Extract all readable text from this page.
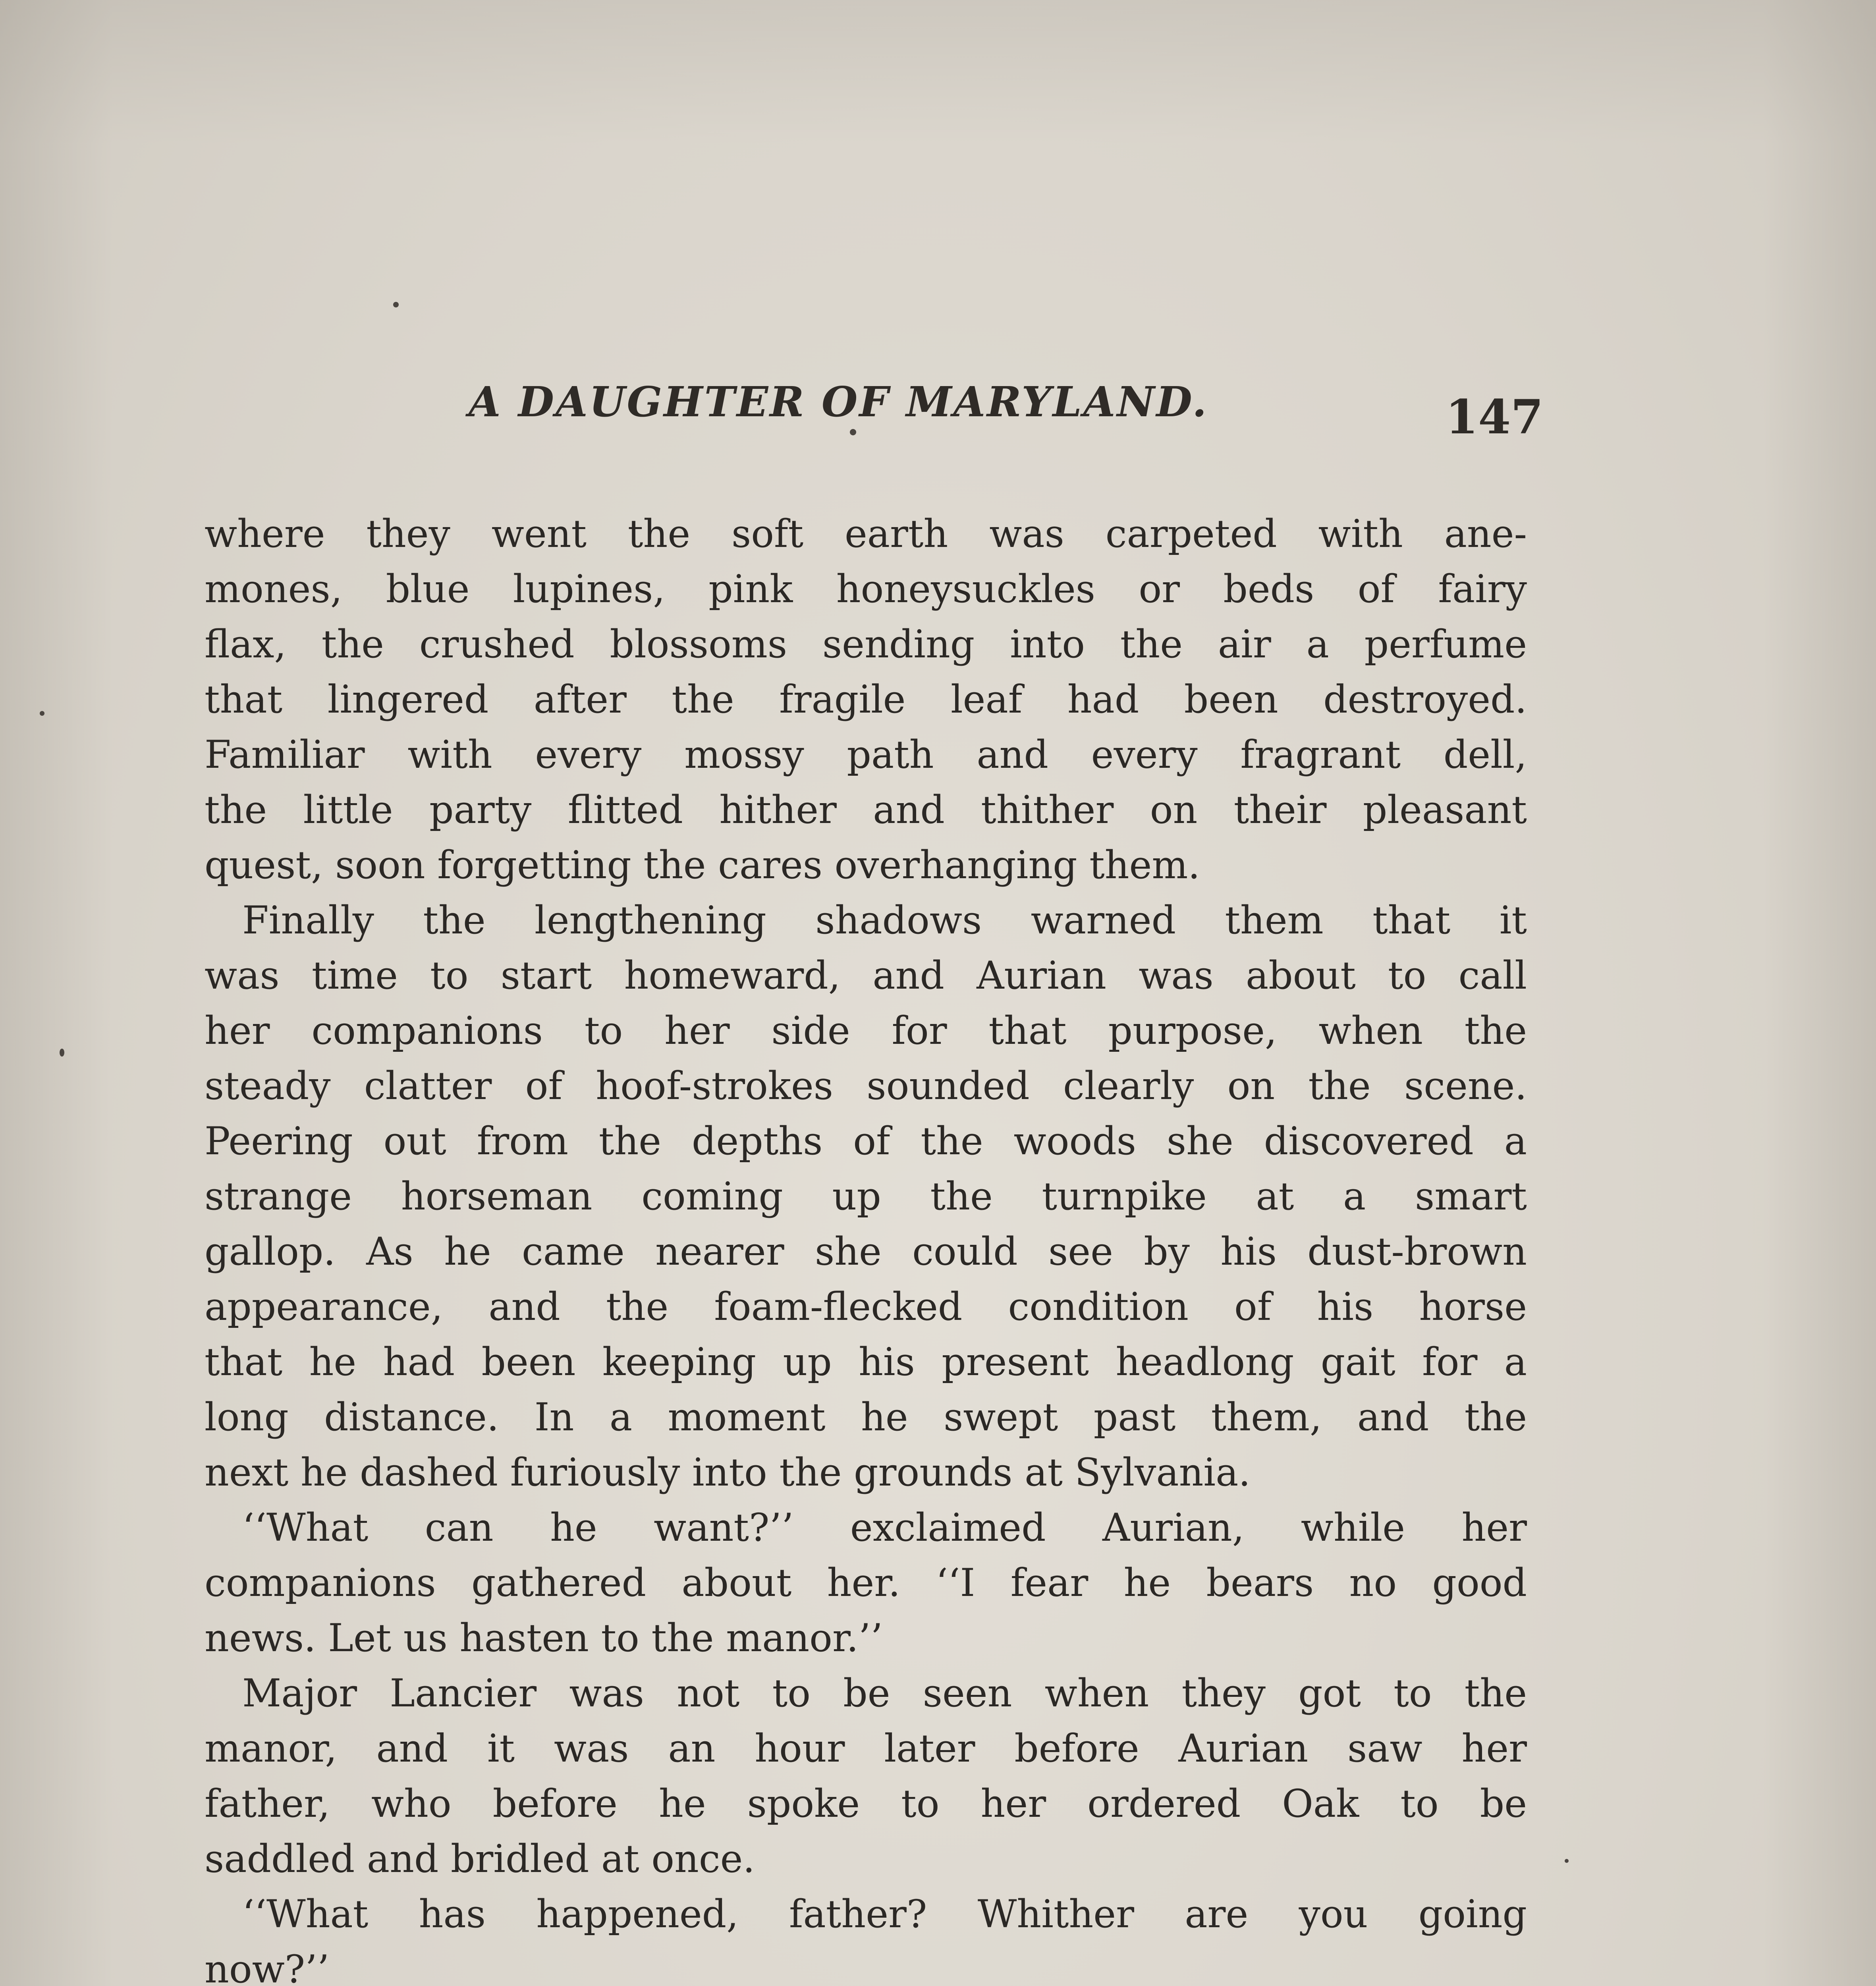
A DAUGHTER OF MARYLAND.	147
where they went the soft earth was carpeted with ane-
mones, blue lupines, pink honeysuckles or beds of fairy
flax, the crushed blossoms sending into the air a perfume
that lingered after the fragile leaf had been destroyed.
Familiar with every mossy path and every fragrant dell,
the little party flitted hither and thither on their pleasant
quest, soon forgetting the cares overhanging them.
Finally the lengthening shadows warned them that it
was time to start homeward, and Aurian was about to call
her companions to her side for that purpose, when the
steady clatter of hoof-strokes sounded clearly on the scene.
Peering out from the depths of the woods she discovered a
strange horseman coming up the turnpike at a smart
gallop. As he came nearer she could see by his dust-brown
appearance, and the foam-flecked condition of his horse
that he had been keeping up his present headlong gait for a
long distance. In a moment he swept past them, and the
next he dashed furiously into the grounds at Sylvania.
‘‘What can he want?’’ exclaimed Aurian, while her
companions gathered about her. ‘‘I fear he bears no good
news. Let us hasten to the manor.’’
Major Lancier was not to be seen when they got to the
manor, and it was an hour later before Aurian saw her
father, who before he spoke to her ordered Oak to be
saddled and bridled at once.
‘‘What has happened, father? Whither are you going
now?’’
